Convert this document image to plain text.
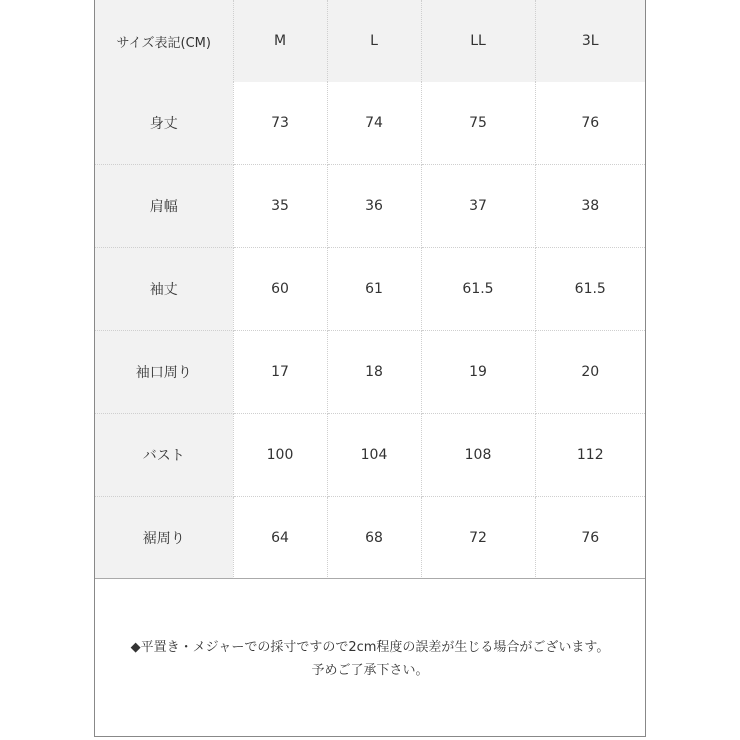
サイズ表記(CM)	M	L	LL	3L
身丈	73	74	75	76
肩幅	35	36	37	38
袖丈	60	61	61.5	61.5
袖口周り	17	18	19	20
バスト	100	104	108	112
裾周り	64	68	72	76
◆平置き・メジャーでの採寸ですので2cm程度の誤差が生じる場合がございます。
予めご了承下さい。
